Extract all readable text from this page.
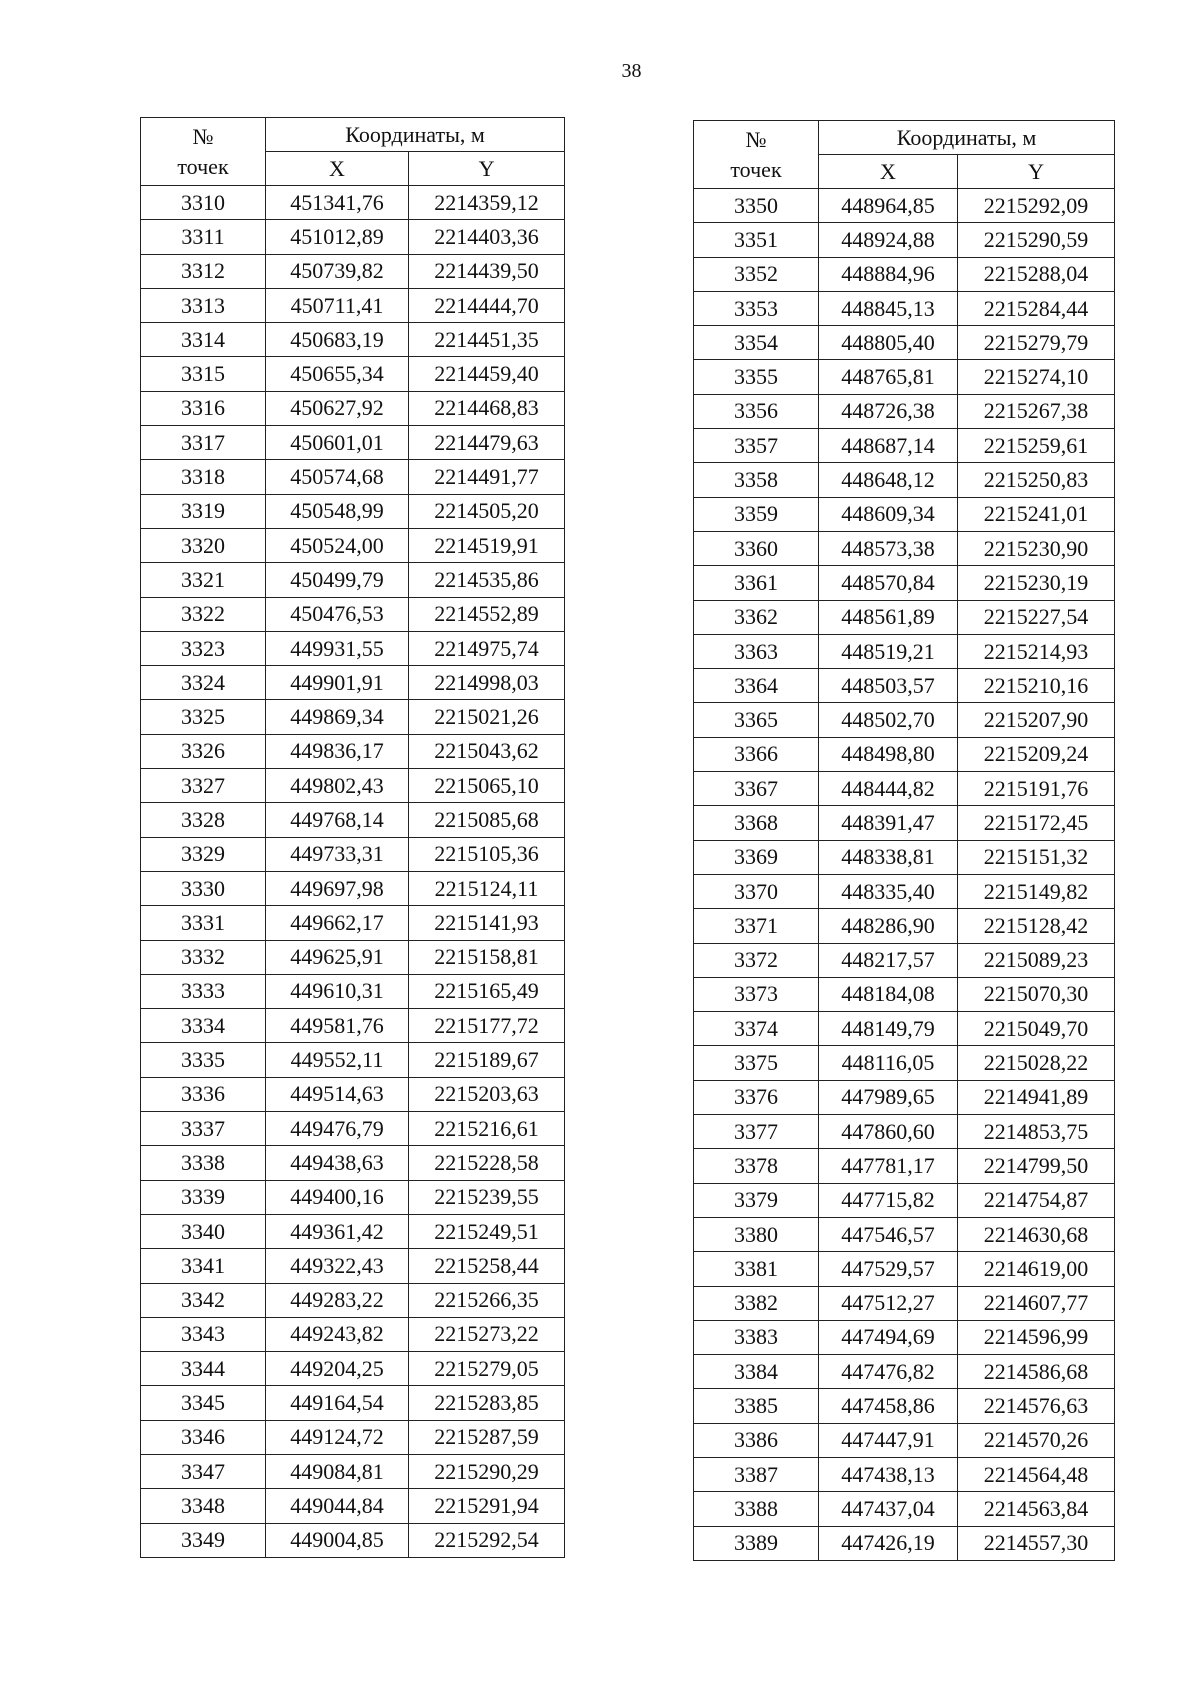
38
№
точек	Координаты, м	
	X	Y
3310	451341,76	2214359,12
3311	451012,89	2214403,36
3312	450739,82	2214439,50
3313	450711,41	2214444,70
3314	450683,19	2214451,35
3315	450655,34	2214459,40
3316	450627,92	2214468,83
3317	450601,01	2214479,63
3318	450574,68	2214491,77
3319	450548,99	2214505,20
3320	450524,00	2214519,91
3321	450499,79	2214535,86
3322	450476,53	2214552,89
3323	449931,55	2214975,74
3324	449901,91	2214998,03
3325	449869,34	2215021,26
3326	449836,17	2215043,62
3327	449802,43	2215065,10
3328	449768,14	2215085,68
3329	449733,31	2215105,36
3330	449697,98	2215124,11
3331	449662,17	2215141,93
3332	449625,91	2215158,81
3333	449610,31	2215165,49
3334	449581,76	2215177,72
3335	449552,11	2215189,67
3336	449514,63	2215203,63
3337	449476,79	2215216,61
3338	449438,63	2215228,58
3339	449400,16	2215239,55
3340	449361,42	2215249,51
3341	449322,43	2215258,44
3342	449283,22	2215266,35
3343	449243,82	2215273,22
3344	449204,25	2215279,05
3345	449164,54	2215283,85
3346	449124,72	2215287,59
3347	449084,81	2215290,29
3348	449044,84	2215291,94
3349	449004,85	2215292,54
№
точек	Координаты, м	
	X	Y
3350	448964,85	2215292,09
3351	448924,88	2215290,59
3352	448884,96	2215288,04
3353	448845,13	2215284,44
3354	448805,40	2215279,79
3355	448765,81	2215274,10
3356	448726,38	2215267,38
3357	448687,14	2215259,61
3358	448648,12	2215250,83
3359	448609,34	2215241,01
3360	448573,38	2215230,90
3361	448570,84	2215230,19
3362	448561,89	2215227,54
3363	448519,21	2215214,93
3364	448503,57	2215210,16
3365	448502,70	2215207,90
3366	448498,80	2215209,24
3367	448444,82	2215191,76
3368	448391,47	2215172,45
3369	448338,81	2215151,32
3370	448335,40	2215149,82
3371	448286,90	2215128,42
3372	448217,57	2215089,23
3373	448184,08	2215070,30
3374	448149,79	2215049,70
3375	448116,05	2215028,22
3376	447989,65	2214941,89
3377	447860,60	2214853,75
3378	447781,17	2214799,50
3379	447715,82	2214754,87
3380	447546,57	2214630,68
3381	447529,57	2214619,00
3382	447512,27	2214607,77
3383	447494,69	2214596,99
3384	447476,82	2214586,68
3385	447458,86	2214576,63
3386	447447,91	2214570,26
3387	447438,13	2214564,48
3388	447437,04	2214563,84
3389	447426,19	2214557,30
